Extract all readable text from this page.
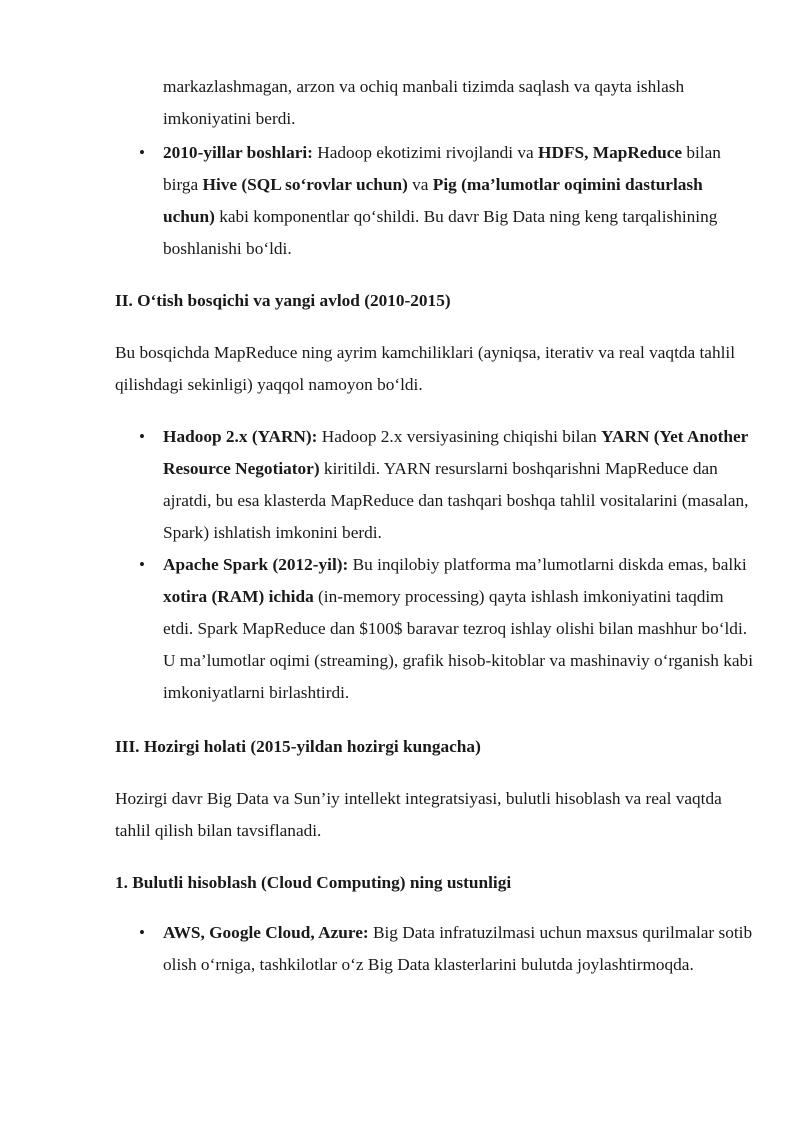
markazlashmagan, arzon va ochiq manbali tizimda saqlash va qayta ishlash
imkoniyatini berdi.
• 2010-yillar boshlari: Hadoop ekotizimi rivojlandi va HDFS, MapReduce bilan birga Hive (SQL so‘rovlar uchun) va Pig (ma’lumotlar oqimini dasturlash uchun) kabi komponentlar qo‘shildi. Bu davr Big Data ning keng tarqalishining boshlanishi bo‘ldi.
II. O‘tish bosqichi va yangi avlod (2010-2015)
Bu bosqichda MapReduce ning ayrim kamchiliklari (ayniqsa, iterativ va real vaqtda tahlil qilishdagi sekinligi) yaqqol namoyon bo‘ldi.
• Hadoop 2.x (YARN): Hadoop 2.x versiyasining chiqishi bilan YARN (Yet Another Resource Negotiator) kiritildi. YARN resurslarni boshqarishni MapReduce dan ajratdi, bu esa klasterda MapReduce dan tashqari boshqa tahlil vositalarini (masalan, Spark) ishlatish imkonini berdi.
• Apache Spark (2012-yil): Bu inqilobiy platforma ma’lumotlarni diskda emas, balki xotira (RAM) ichida (in-memory processing) qayta ishlash imkoniyatini taqdim etdi. Spark MapReduce dan $100$ baravar tezroq ishlay olishi bilan mashhur bo‘ldi. U ma’lumotlar oqimi (streaming), grafik hisob-kitoblar va mashinaviy o‘rganish kabi imkoniyatlarni birlashtirdi.
III. Hozirgi holati (2015-yildan hozirgi kungacha)
Hozirgi davr Big Data va Sun’iy intellekt integratsiyasi, bulutli hisoblash va real vaqtda tahlil qilish bilan tavsiflanadi.
1. Bulutli hisoblash (Cloud Computing) ning ustunligi
• AWS, Google Cloud, Azure: Big Data infratuzilmasi uchun maxsus qurilmalar sotib olish o‘rniga, tashkilotlar o‘z Big Data klasterlarini bulutda joylashtirmoqda.
